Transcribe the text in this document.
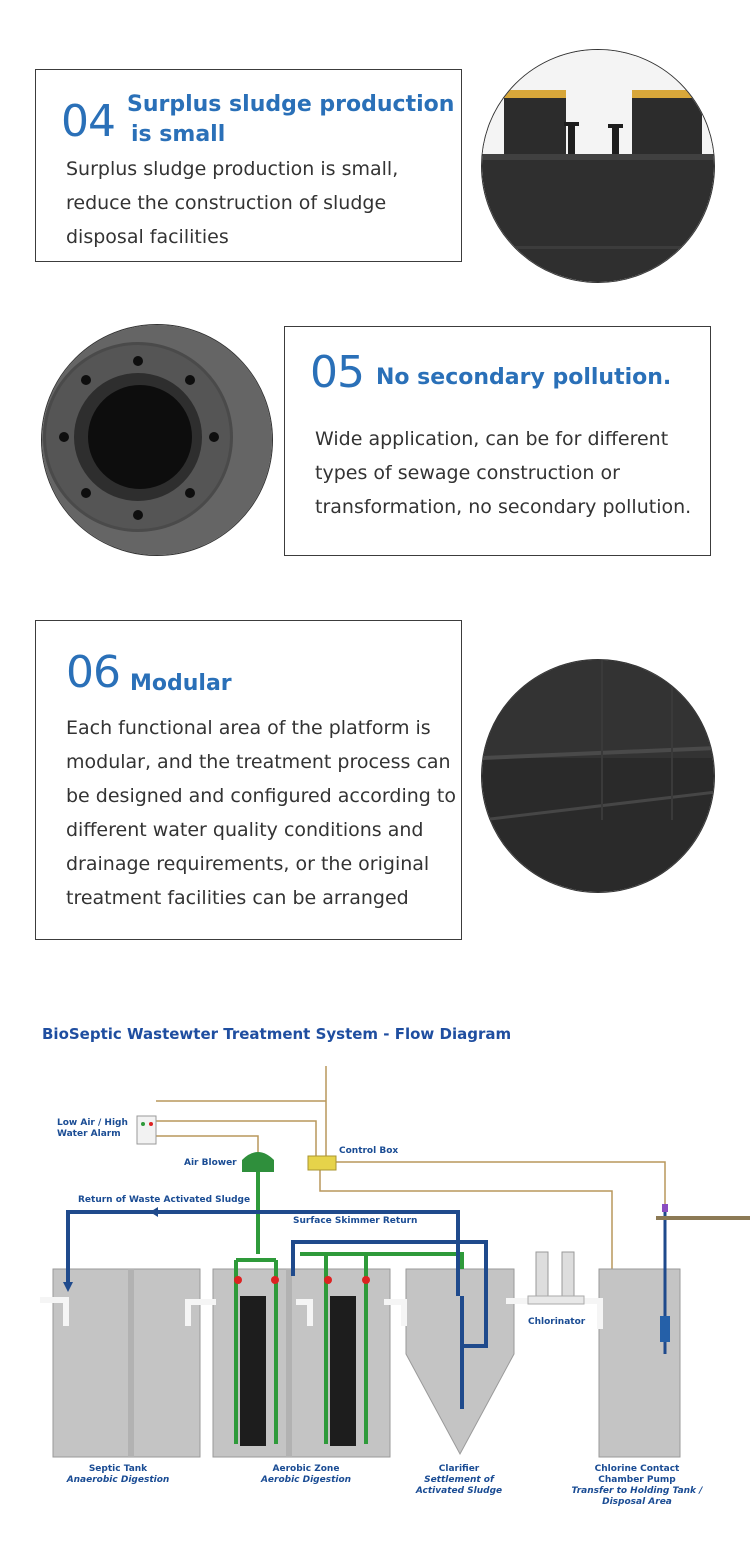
04 Surplus sludge production
is small
Surplus sludge production is small,
reduce the construction of sludge
disposal facilities
05 No secondary pollution.
Wide application, can be for different
types of sewage construction or
transformation, no secondary pollution.
06 Modular
Each functional area of the platform is
modular, and the treatment process can
be designed and configured according to
different water quality conditions and
drainage requirements, or the original
treatment facilities can be arranged
BioSeptic Wastewter Treatment System - Flow Diagram
Low Air / High
Water Alarm
Air Blower
Control Box
Return of Waste Activated Sludge
Surface Skimmer Return
Chlorinator
Septic Tank
Anaerobic Digestion
Aerobic Zone
Aerobic Digestion
Clarifier
Settlement of
Activated Sludge
Chlorine Contact
Chamber Pump
Transfer to Holding Tank /
Disposal Area
